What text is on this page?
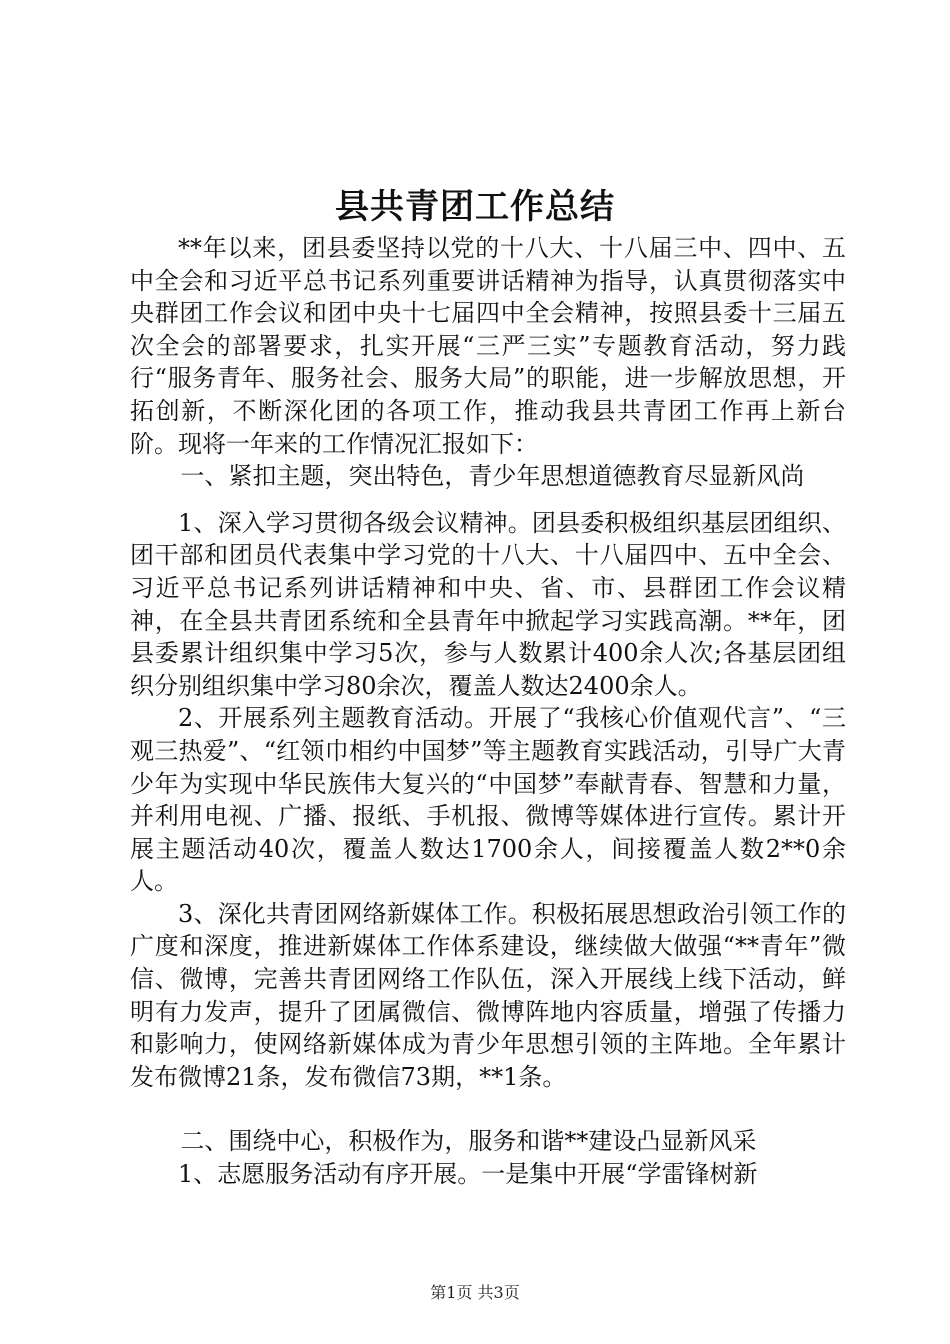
县共青团工作总结

**年以来，团县委坚持以党的十八大、十八届三中、四中、五中全会和习近平总书记系列重要讲话精神为指导，认真贯彻落实中央群团工作会议和团中央十七届四中全会精神，按照县委十三届五次全会的部署要求，扎实开展“三严三实”专题教育活动，努力践行“服务青年、服务社会、服务大局”的职能，进一步解放思想，开拓创新，不断深化团的各项工作，推动我县共青团工作再上新台阶。现将一年来的工作情况汇报如下：

一、紧扣主题，突出特色，青少年思想道德教育尽显新风尚

1、深入学习贯彻各级会议精神。团县委积极组织基层团组织、团干部和团员代表集中学习党的十八大、十八届四中、五中全会、习近平总书记系列讲话精神和中央、省、市、县群团工作会议精神，在全县共青团系统和全县青年中掀起学习实践高潮。**年，团县委累计组织集中学习5次，参与人数累计400余人次;各基层团组织分别组织集中学习80余次，覆盖人数达2400余人。

2、开展系列主题教育活动。开展了“我核心价值观代言”、“三观三热爱”、“红领巾相约中国梦”等主题教育实践活动，引导广大青少年为实现中华民族伟大复兴的“中国梦”奉献青春、智慧和力量，并利用电视、广播、报纸、手机报、微博等媒体进行宣传。累计开展主题活动40次，覆盖人数达1700余人，间接覆盖人数2**0余人。

3、深化共青团网络新媒体工作。积极拓展思想政治引领工作的广度和深度，推进新媒体工作体系建设，继续做大做强“**青年”微信、微博，完善共青团网络工作队伍，深入开展线上线下活动，鲜明有力发声，提升了团属微信、微博阵地内容质量，增强了传播力和影响力，使网络新媒体成为青少年思想引领的主阵地。全年累计发布微博21条，发布微信73期，**1条。

二、围绕中心，积极作为，服务和谐**建设凸显新风采

1、志愿服务活动有序开展。一是集中开展“学雷锋树新

第1页 共3页
